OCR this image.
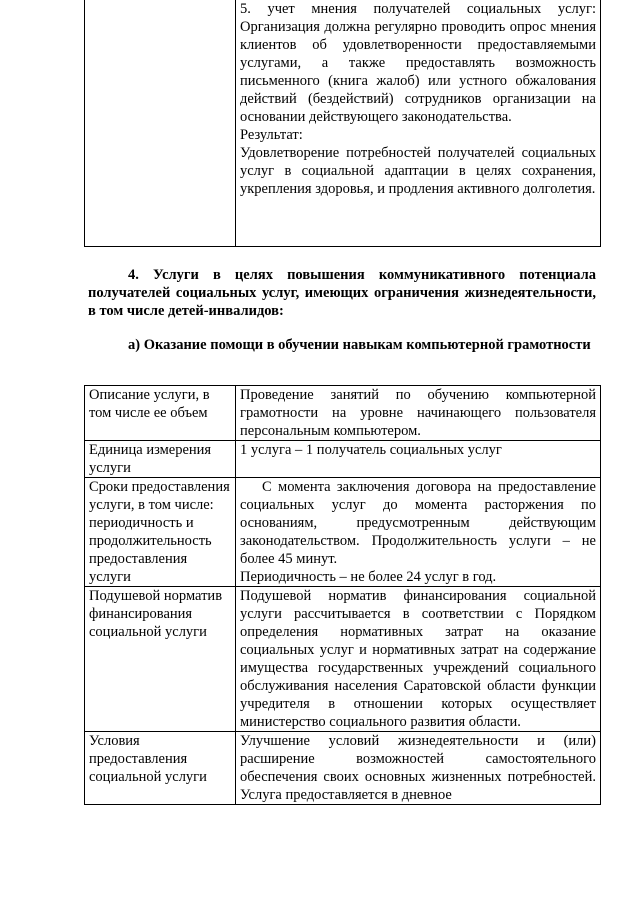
5. учет мнения получателей социальных услуг: Организация должна регулярно проводить опрос мнения клиентов об удовлетворенности предоставляемыми услугами, а также предоставлять возможность письменного (книга жалоб) или устного обжалования действий (бездействий) сотрудников организации на основании действующего законодательства.
Результат:
Удовлетворение потребностей получателей социальных услуг в социальной адаптации в целях сохранения, укрепления здоровья, и продления активного долголетия.
4. Услуги в целях повышения коммуникативного потенциала получателей социальных услуг, имеющих ограничения жизнедеятельности, в том числе детей-инвалидов:
а) Оказание помощи в обучении навыкам компьютерной грамотности
Описание услуги, в том числе ее объем	Проведение занятий по обучению компьютерной грамотности на уровне начинающего пользователя персональным компьютером.

Единица измерения услуги	1 услуга – 1 получатель социальных услуг

Сроки предоставления услуги, в том числе: периодичность и продолжительность предоставления услуги	С момента заключения договора на предоставление социальных услуг до момента расторжения по основаниям, предусмотренным действующим законодательством. Продолжительность услуги – не более 45 минут.
Периодичность – не более 24 услуг в год.

Подушевой норматив финансирования социальной услуги	Подушевой норматив финансирования социальной услуги рассчитывается в соответствии с Порядком определения нормативных затрат на оказание социальных услуг и нормативных затрат на содержание имущества государственных учреждений социального обслуживания населения Саратовской области функции учредителя в отношении которых осуществляет министерство социального развития области.

Условия предоставления социальной услуги	Улучшение условий жизнедеятельности и (или) расширение возможностей самостоятельного обеспечения своих основных жизненных потребностей. Услуга предоставляется в дневное
